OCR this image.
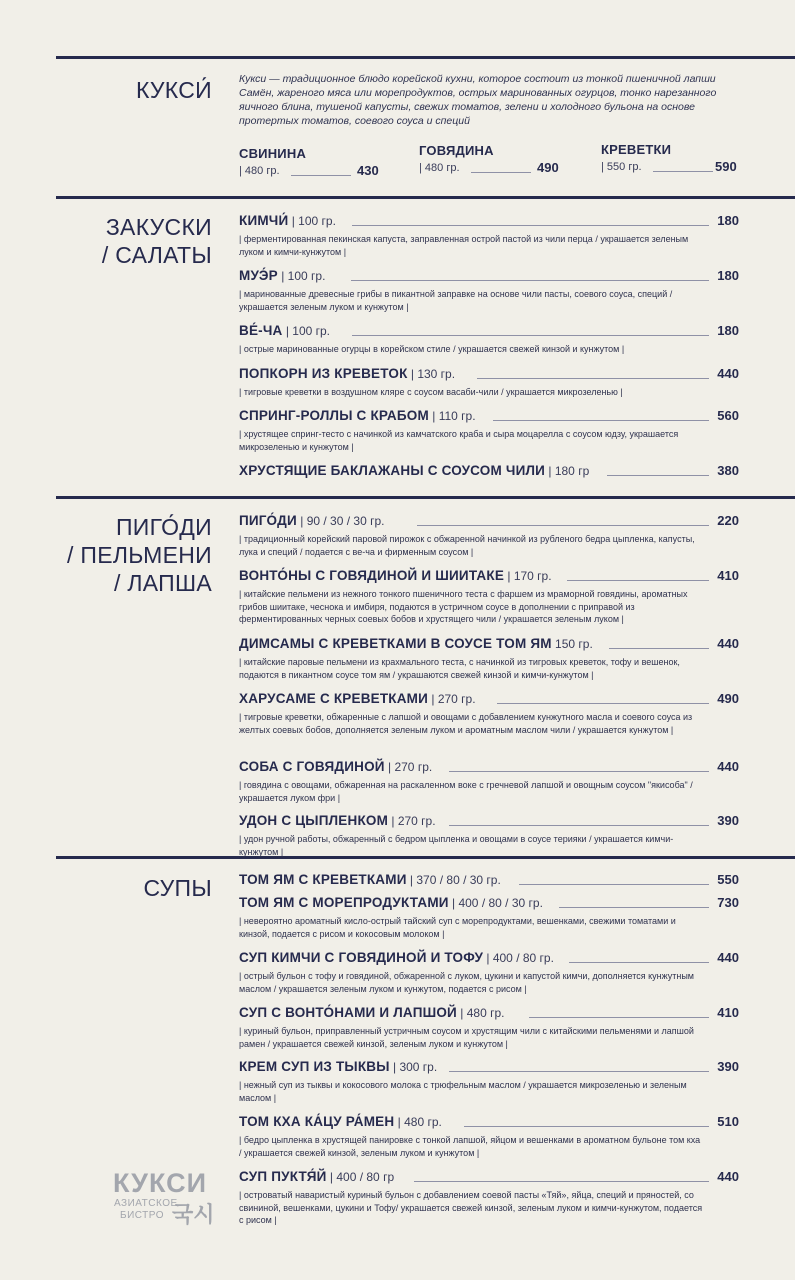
КУКСИ́	Кукси — традиционное блюдо корейской кухни, которое состоит из тонкой пшеничной лапши Самён, жареного мяса или морепродуктов, острых маринованных огурцов, тонко нарезанного яичного блина, тушеной капусты, свежих томатов, зелени и холодного бульона на основе протертых томатов, соевого соуса и специй

СВИНИНА
| 480 гр.	430
ГОВЯДИНА
| 480 гр.	490
КРЕВЕТКИ
| 550 гр.	590
ЗАКУСКИ
/ САЛАТЫ
КИМЧИ́ | 100 гр.	180
| ферментированная пекинская капуста, заправленная острой пастой из чили перца / украшается зеленым луком и кимчи-кунжутом |
МУЭ́Р | 100 гр.	180
| маринованные древесные грибы в пикантной заправке на основе чили пасты, соевого соуса, специй / украшается зеленым луком и кунжутом |
ВЕ́-ЧА | 100 гр.	180
| острые маринованные огурцы в корейском стиле / украшается свежей кинзой и кунжутом |
ПОПКОРН ИЗ КРЕВЕТОК | 130 гр.	440
| тигровые креветки в воздушном кляре с соусом васаби-чили / украшается микрозеленью |
СПРИНГ-РОЛЛЫ С КРАБОМ | 110 гр.	560
| хрустящее спринг-тесто с начинкой из камчатского краба и сыра моцарелла с соусом юдзу, украшается микрозеленью и кунжутом |
ХРУСТЯЩИЕ БАКЛАЖАНЫ С СОУСОМ ЧИЛИ | 180 гр	380
ПИГО́ДИ
/ ПЕЛЬМЕНИ
/ ЛАПША
ПИГО́ДИ | 90 / 30 / 30 гр.	220
| традиционный корейский паровой пирожок с обжаренной начинкой из рубленого бедра цыпленка, капусты, лука и специй / подается с ве-ча и фирменным соусом |
ВОНТО́НЫ С ГОВЯДИНОЙ И ШИИТАКЕ | 170 гр.	410
| китайские пельмени из нежного тонкого пшеничного теста с фаршем из мраморной говядины, ароматных грибов шиитаке, чеснока и имбиря, подаются в устричном соусе в дополнении с приправой из ферментированных черных соевых бобов и хрустящего чили / украшается зеленым луком |
ДИМСАМЫ С КРЕВЕТКАМИ В СОУСЕ ТОМ ЯМ 150 гр.	440
| китайские паровые пельмени из крахмального теста, с начинкой из тигровых креветок, тофу и вешенок, подаются в пикантном соусе том ям / украшаются свежей кинзой и кимчи-кунжутом |
ХАРУСАМЕ С КРЕВЕТКАМИ | 270 гр.	490
| тигровые креветки, обжаренные с лапшой и овощами с добавлением кунжутного масла и соевого соуса из желтых соевых бобов, дополняется зеленым луком и ароматным маслом чили / украшается кунжутом |
СОБА С ГОВЯДИНОЙ | 270 гр.	440
| говядина с овощами, обжаренная на раскаленном воке с гречневой лапшой и овощным соусом "якисоба" / украшается луком фри |
УДОН С ЦЫПЛЕНКОМ | 270 гр.	390
| удон ручной работы, обжаренный с бедром цыпленка и овощами в соусе терияки / украшается кимчи-кунжутом |
СУПЫ ТОМ ЯМ С КРЕВЕТКАМИ | 370 / 80 / 30 гр.	550
ТОМ ЯМ С МОРЕПРОДУКТАМИ | 400 / 80 / 30 гр.	730
| невероятно ароматный кисло-острый тайский суп с морепродуктами, вешенками, свежими томатами и кинзой, подается с рисом и кокосовым молоком |
СУП КИМЧИ С ГОВЯДИНОЙ И ТОФУ | 400 / 80 гр.	440
| острый бульон с тофу и говядиной, обжаренной с луком, цукини и капустой кимчи, дополняется кунжутным маслом / украшается зеленым луком и кунжутом, подается с рисом |
СУП С ВОНТО́НАМИ И ЛАПШОЙ | 480 гр.	410
| куриный бульон, приправленный устричным соусом и хрустящим чили с китайскими пельменями и лапшой рамен / украшается свежей кинзой, зеленым луком и кунжутом |
КРЕМ СУП ИЗ ТЫКВЫ | 300 гр.	390
| нежный суп из тыквы и кокосового молока с трюфельным маслом / украшается микрозеленью и зеленым маслом |
ТОМ КХА КА́ЦУ РА́МЕН | 480 гр.	510
| бедро цыпленка в хрустящей панировке с тонкой лапшой, яйцом и вешенками в ароматном бульоне том кха / украшается свежей кинзой, зеленым луком и кунжутом |
СУП ПУКТЯ́Й | 400 / 80 гр	440
| островатый наваристый куриный бульон с добавлением соевой пасты «Тяй», яйца, специй и пряностей, со свининой, вешенками, цукини и Тофу/ украшается свежей кинзой, зеленым луком и кимчи-кунжутом, подается с рисом |
КУКСИ
АЗИАТСКОЕ
БИСТРО 국시
